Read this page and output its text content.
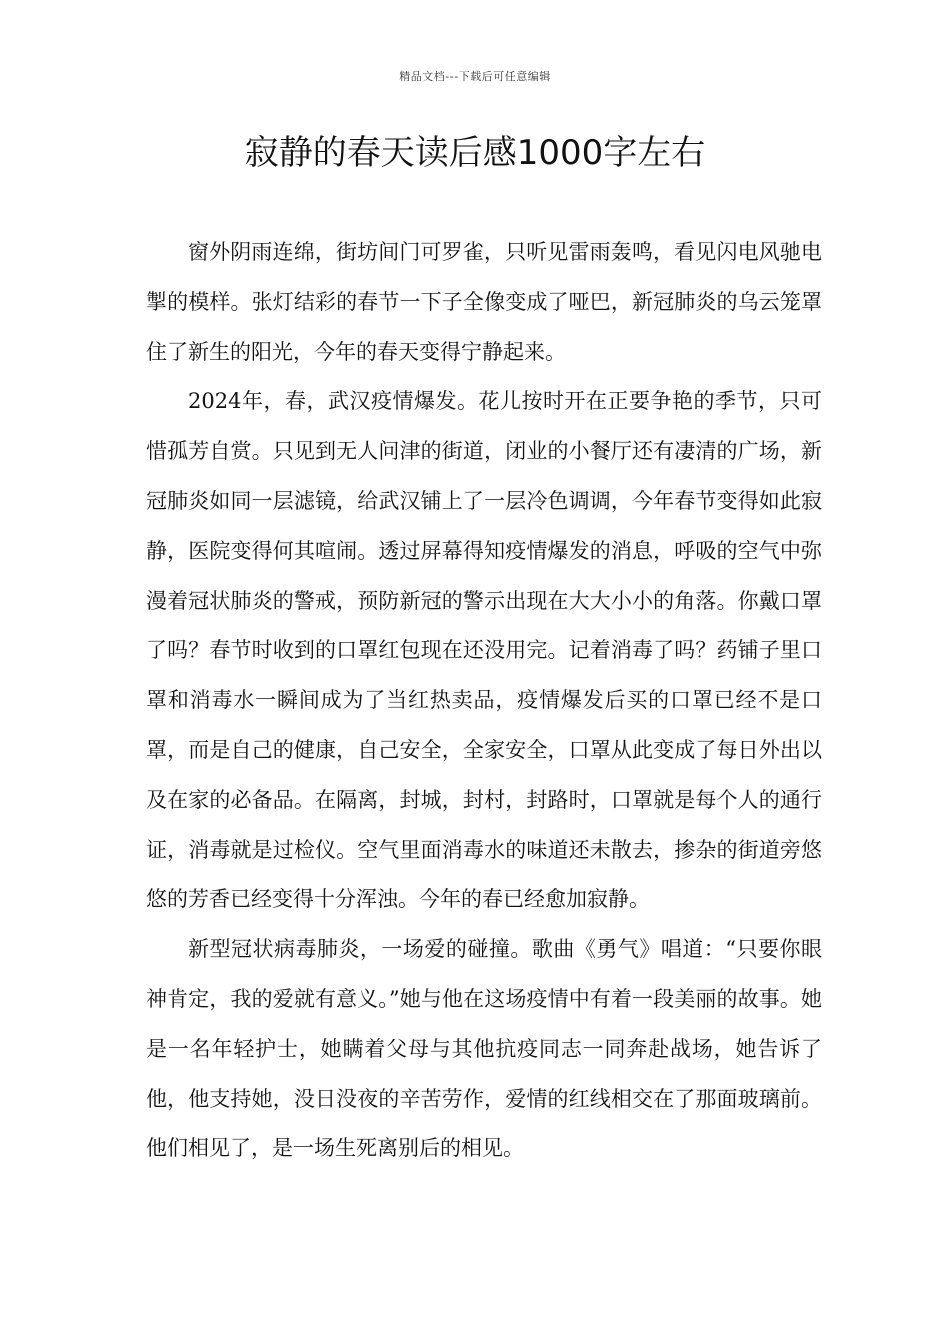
精品文档---下载后可任意编辑
寂静的春天读后感1000字左右

窗外阴雨连绵，街坊间门可罗雀，只听见雷雨轰鸣，看见闪电风驰电掣的模样。张灯结彩的春节一下子全像变成了哑巴，新冠肺炎的乌云笼罩住了新生的阳光，今年的春天变得宁静起来。

2024年，春，武汉疫情爆发。花儿按时开在正要争艳的季节，只可惜孤芳自赏。只见到无人问津的街道，闭业的小餐厅还有凄清的广场，新冠肺炎如同一层滤镜，给武汉铺上了一层冷色调调，今年春节变得如此寂静，医院变得何其喧闹。透过屏幕得知疫情爆发的消息，呼吸的空气中弥漫着冠状肺炎的警戒，预防新冠的警示出现在大大小小的角落。你戴口罩了吗？春节时收到的口罩红包现在还没用完。记着消毒了吗？药铺子里口罩和消毒水一瞬间成为了当红热卖品，疫情爆发后买的口罩已经不是口罩，而是自己的健康，自己安全，全家安全，口罩从此变成了每日外出以及在家的必备品。在隔离，封城，封村，封路时，口罩就是每个人的通行证，消毒就是过检仪。空气里面消毒水的味道还未散去，掺杂的街道旁悠悠的芳香已经变得十分浑浊。今年的春已经愈加寂静。

新型冠状病毒肺炎，一场爱的碰撞。歌曲《勇气》唱道：“只要你眼神肯定，我的爱就有意义。”她与他在这场疫情中有着一段美丽的故事。她是一名年轻护士，她瞒着父母与其他抗疫同志一同奔赴战场，她告诉了他，他支持她，没日没夜的辛苦劳作，爱情的红线相交在了那面玻璃前。他们相见了，是一场生死离别后的相见。
